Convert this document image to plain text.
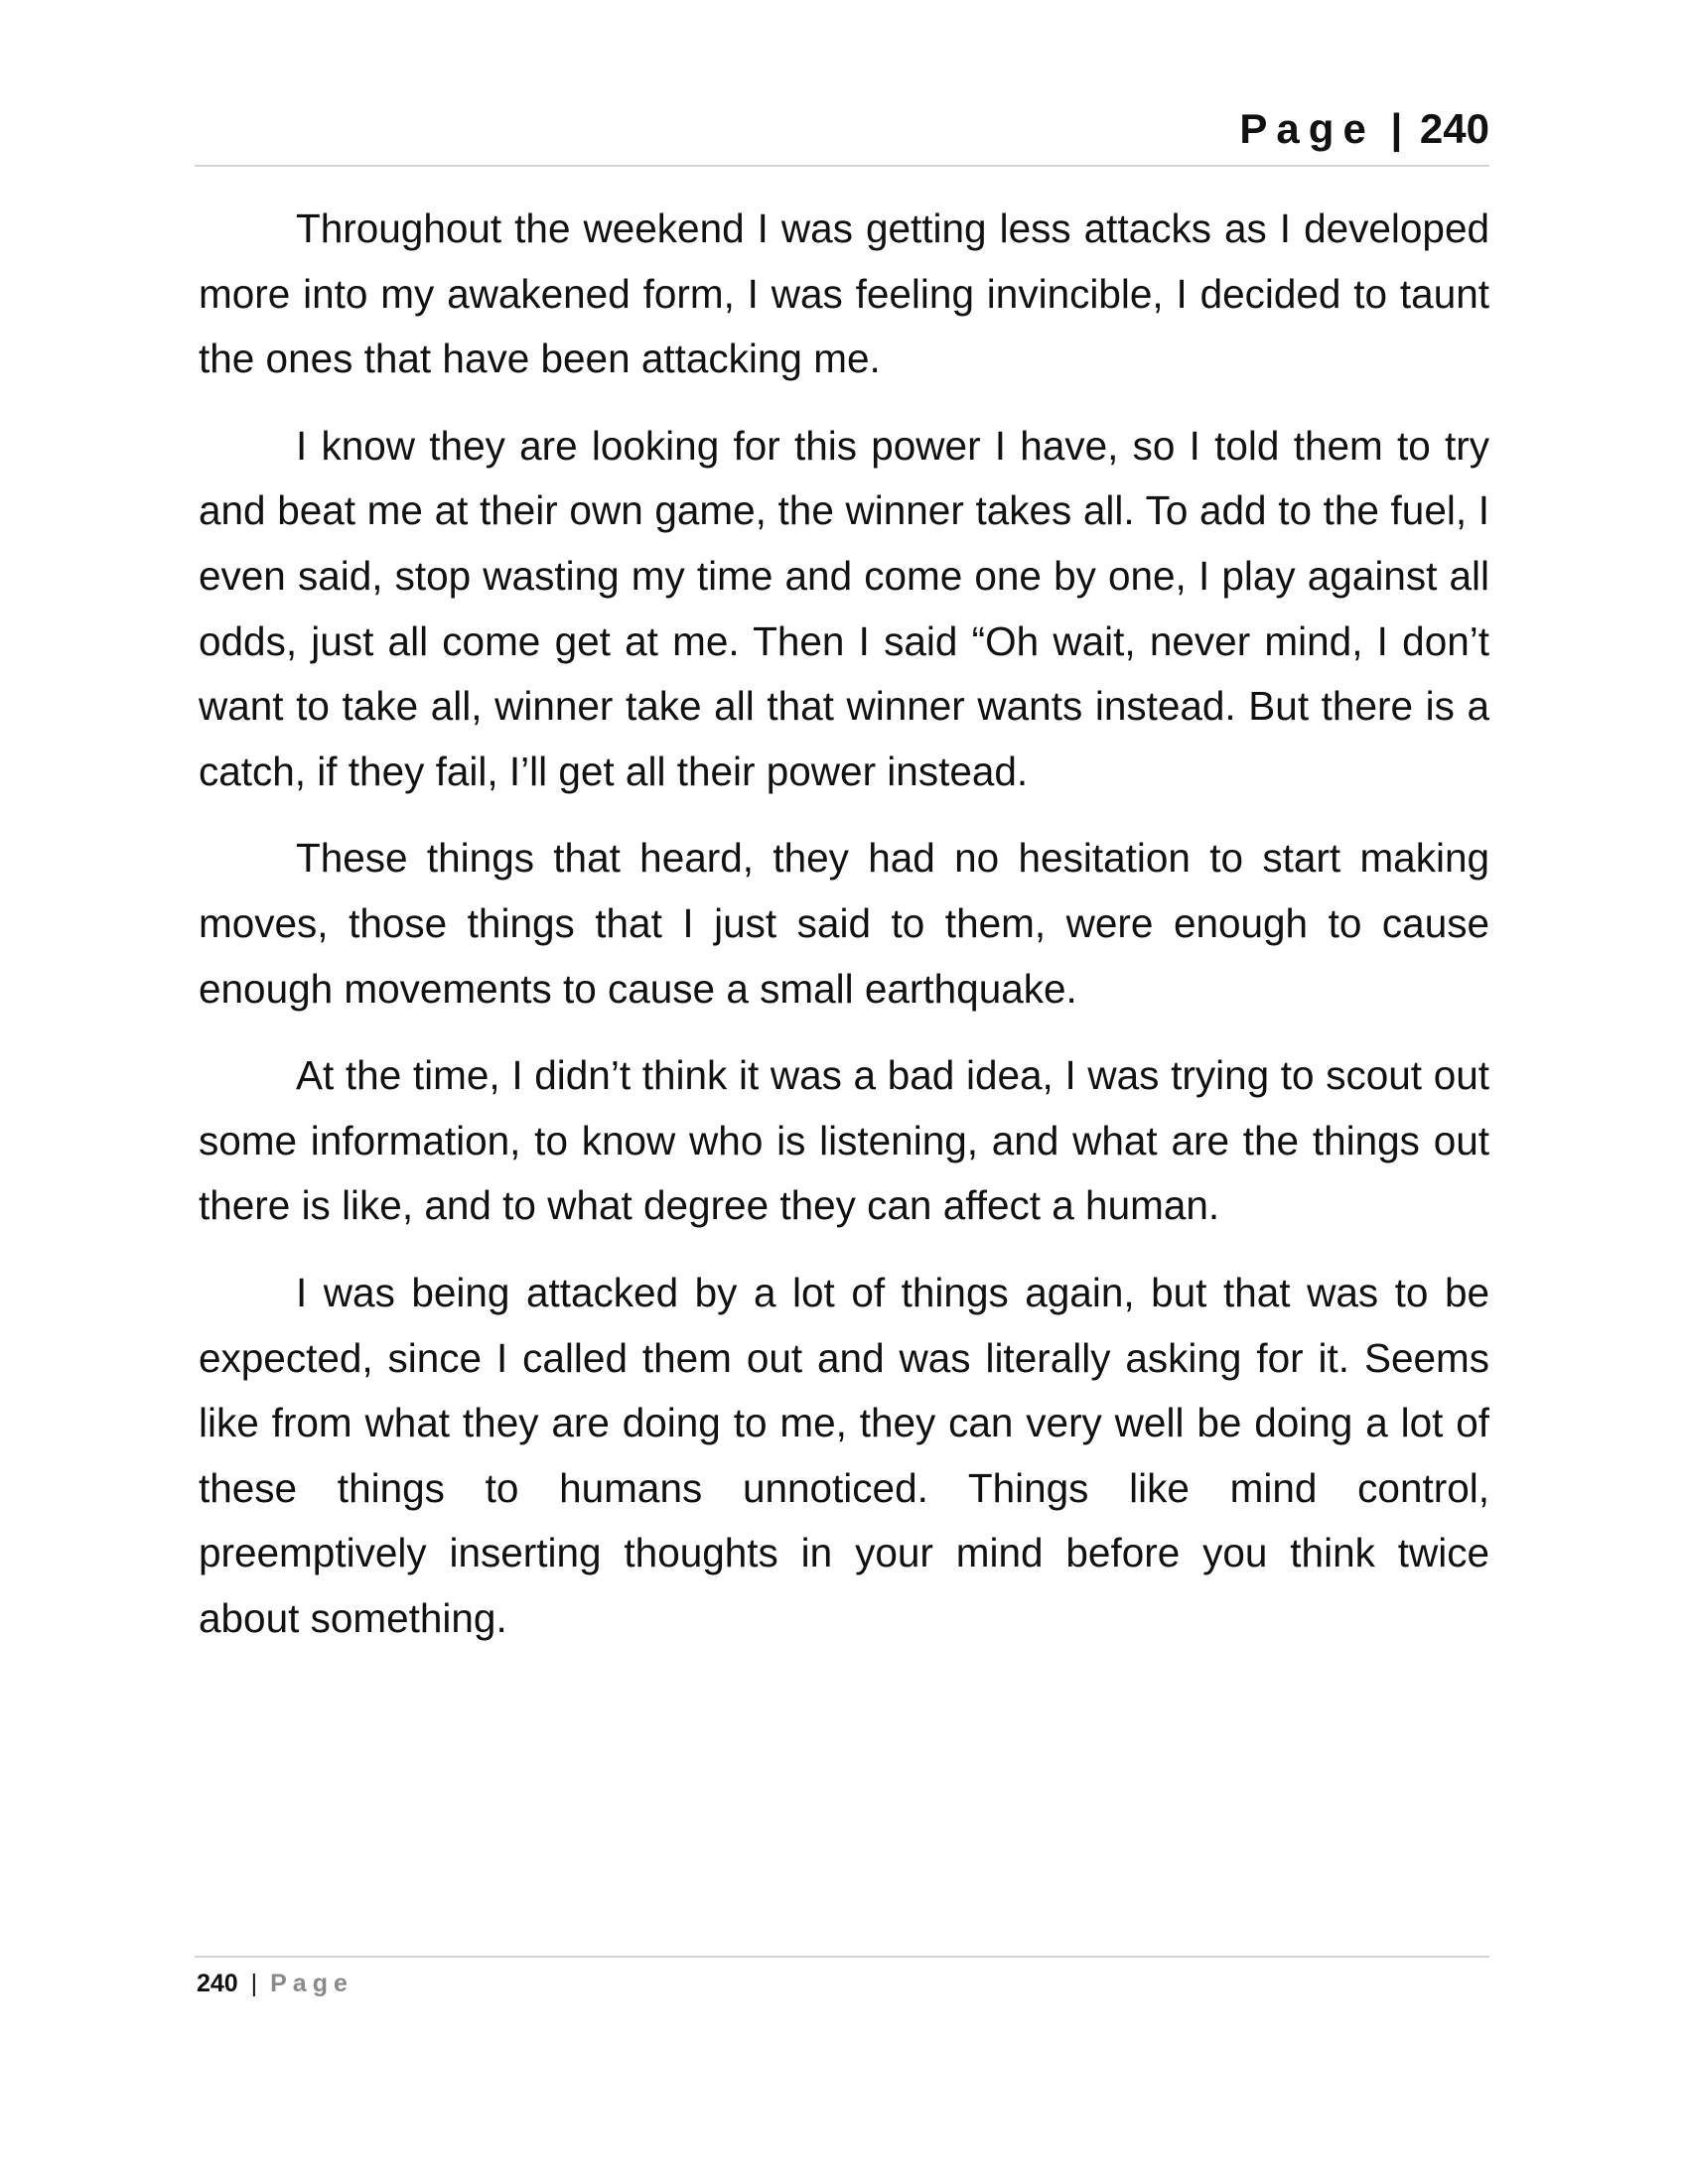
Page | 240

Throughout the weekend I was getting less attacks as I developed more into my awakened form, I was feeling invincible, I decided to taunt the ones that have been attacking me.

I know they are looking for this power I have, so I told them to try and beat me at their own game, the winner takes all. To add to the fuel, I even said, stop wasting my time and come one by one, I play against all odds, just all come get at me. Then I said “Oh wait, never mind, I don’t want to take all, winner take all that winner wants instead. But there is a catch, if they fail, I’ll get all their power instead.

These things that heard, they had no hesitation to start making moves, those things that I just said to them, were enough to cause enough movements to cause a small earthquake.

At the time, I didn’t think it was a bad idea, I was trying to scout out some information, to know who is listening, and what are the things out there is like, and to what degree they can affect a human.

I was being attacked by a lot of things again, but that was to be expected, since I called them out and was literally asking for it. Seems like from what they are doing to me, they can very well be doing a lot of these things to humans unnoticed. Things like mind control, preemptively inserting thoughts in your mind before you think twice about something.

240 | Page
